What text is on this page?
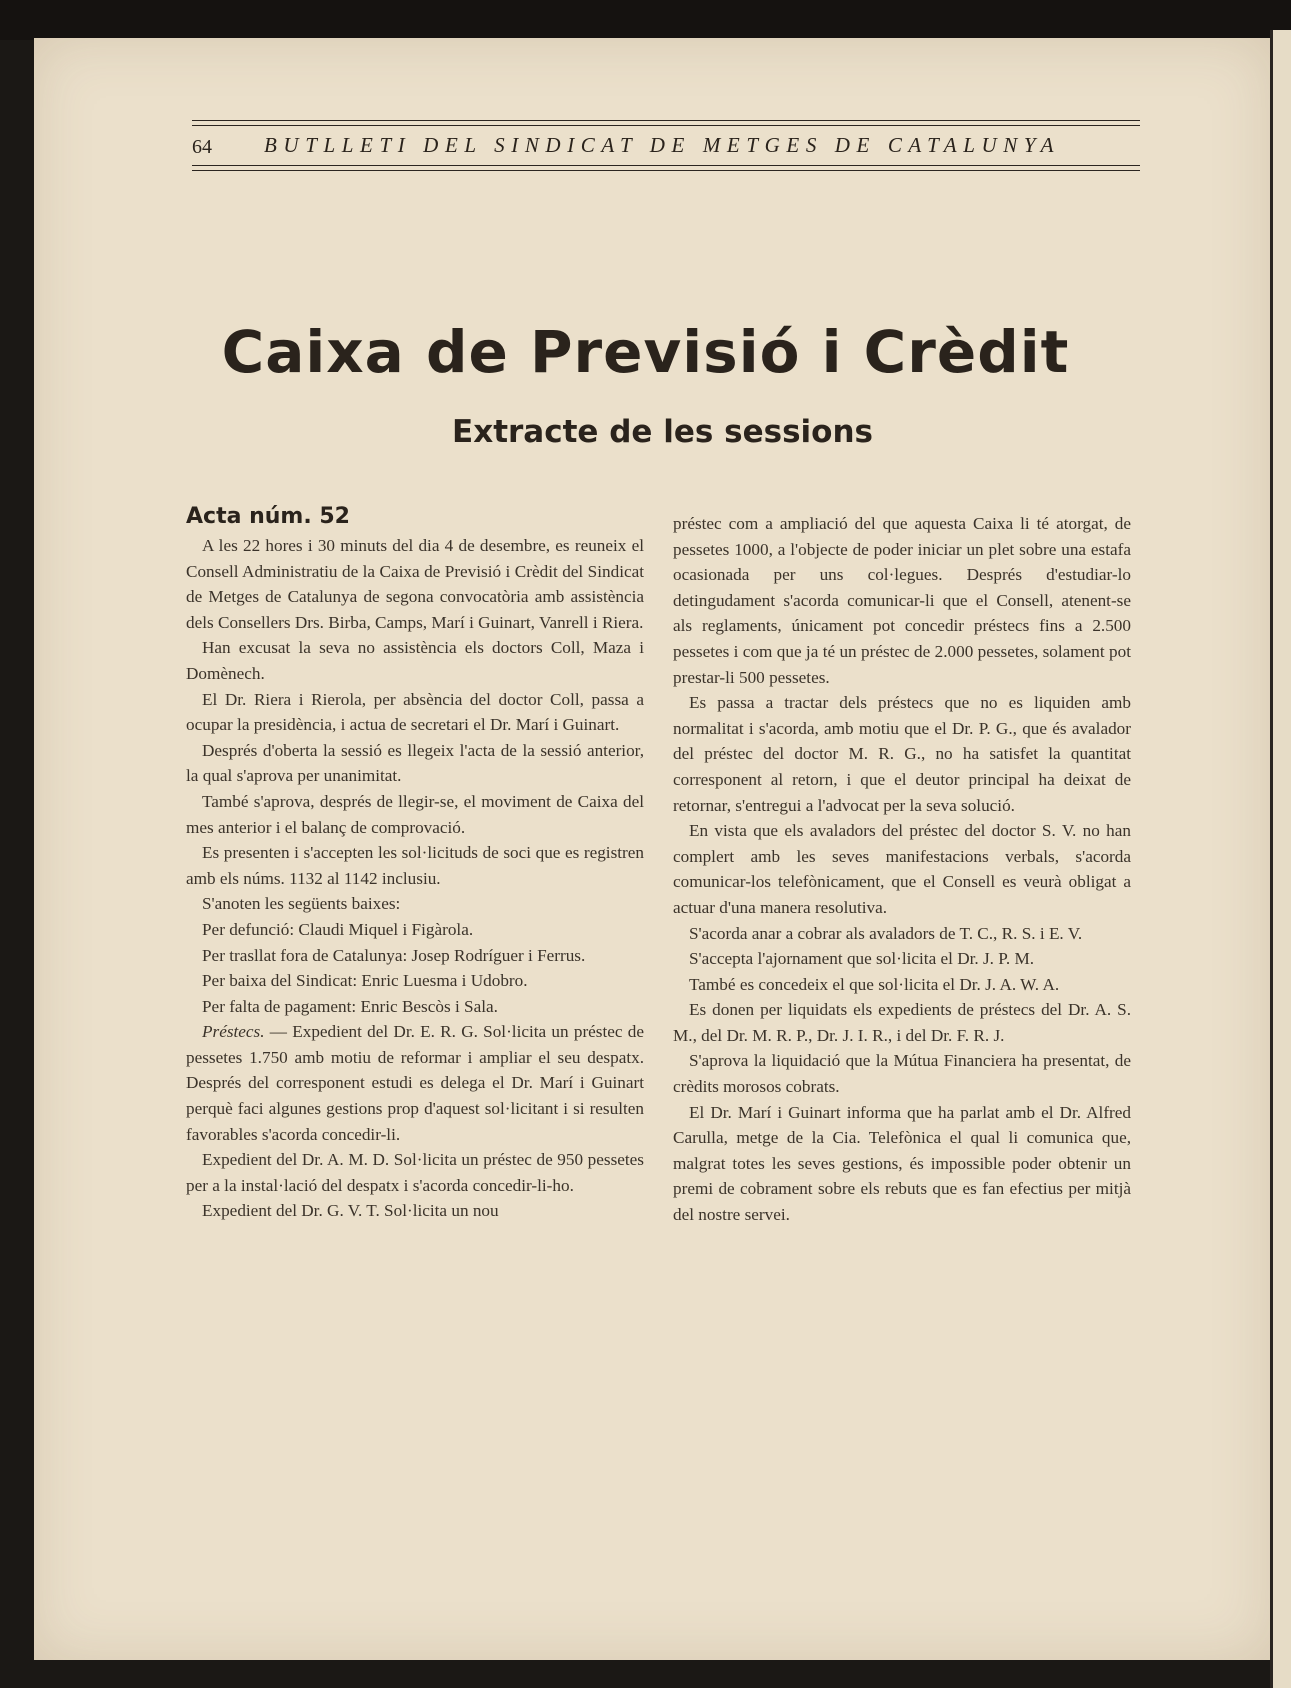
64 BUTLLETI DEL SINDICAT DE METGES DE CATALUNYA
Caixa de Previsió i Crèdit
Extracte de les sessions
Acta núm. 52

A les 22 hores i 30 minuts del dia 4 de desembre, es reuneix el Consell Administratiu de la Caixa de Previsió i Crèdit del Sindicat de Metges de Catalunya de segona convocatòria amb assistència dels Consellers Drs. Birba, Camps, Marí i Guinart, Vanrell i Riera.

Han excusat la seva no assistència els doctors Coll, Maza i Domènech.

El Dr. Riera i Rierola, per absència del doctor Coll, passa a ocupar la presidència, i actua de secretari el Dr. Marí i Guinart.

Després d'oberta la sessió es llegeix l'acta de la sessió anterior, la qual s'aprova per unanimitat.

També s'aprova, després de llegir-se, el moviment de Caixa del mes anterior i el balanç de comprovació.

Es presenten i s'accepten les sol·licituds de soci que es registren amb els núms. 1132 al 1142 inclusiu.

S'anoten les següents baixes:

Per defunció: Claudi Miquel i Figàrola.

Per trasllat fora de Catalunya: Josep Rodríguer i Ferrus.

Per baixa del Sindicat: Enric Luesma i Udobro.

Per falta de pagament: Enric Bescòs i Sala.

Préstecs. — Expedient del Dr. E. R. G. Sol·licita un préstec de pessetes 1.750 amb motiu de reformar i ampliar el seu despatx. Després del corresponent estudi es delega el Dr. Marí i Guinart perquè faci algunes gestions prop d'aquest sol·licitant i si resulten favorables s'acorda concedir-li.

Expedient del Dr. A. M. D. Sol·licita un préstec de 950 pessetes per a la instal·lació del despatx i s'acorda concedir-li-ho.

Expedient del Dr. G. V. T. Sol·licita un nou

préstec com a ampliació del que aquesta Caixa li té atorgat, de pessetes 1000, a l'objecte de poder iniciar un plet sobre una estafa ocasionada per uns col·legues. Després d'estudiar-lo detingudament s'acorda comunicar-li que el Consell, atenent-se als reglaments, únicament pot concedir préstecs fins a 2.500 pessetes i com que ja té un préstec de 2.000 pessetes, solament pot prestar-li 500 pessetes.

Es passa a tractar dels préstecs que no es liquiden amb normalitat i s'acorda, amb motiu que el Dr. P. G., que és avalador del préstec del doctor M. R. G., no ha satisfet la quantitat corresponent al retorn, i que el deutor principal ha deixat de retornar, s'entregui a l'advocat per la seva solució.

En vista que els avaladors del préstec del doctor S. V. no han complert amb les seves manifestacions verbals, s'acorda comunicar-los telefònicament, que el Consell es veurà obligat a actuar d'una manera resolutiva.

S'acorda anar a cobrar als avaladors de T. C., R. S. i E. V.

S'accepta l'ajornament que sol·licita el Dr. J. P. M.

També es concedeix el que sol·licita el Dr. J. A. W. A.

Es donen per liquidats els expedients de préstecs del Dr. A. S. M., del Dr. M. R. P., Dr. J. I. R., i del Dr. F. R. J.

S'aprova la liquidació que la Mútua Financiera ha presentat, de crèdits morosos cobrats.

El Dr. Marí i Guinart informa que ha parlat amb el Dr. Alfred Carulla, metge de la Cia. Telefònica el qual li comunica que, malgrat totes les seves gestions, és impossible poder obtenir un premi de cobrament sobre els rebuts que es fan efectius per mitjà del nostre servei.
